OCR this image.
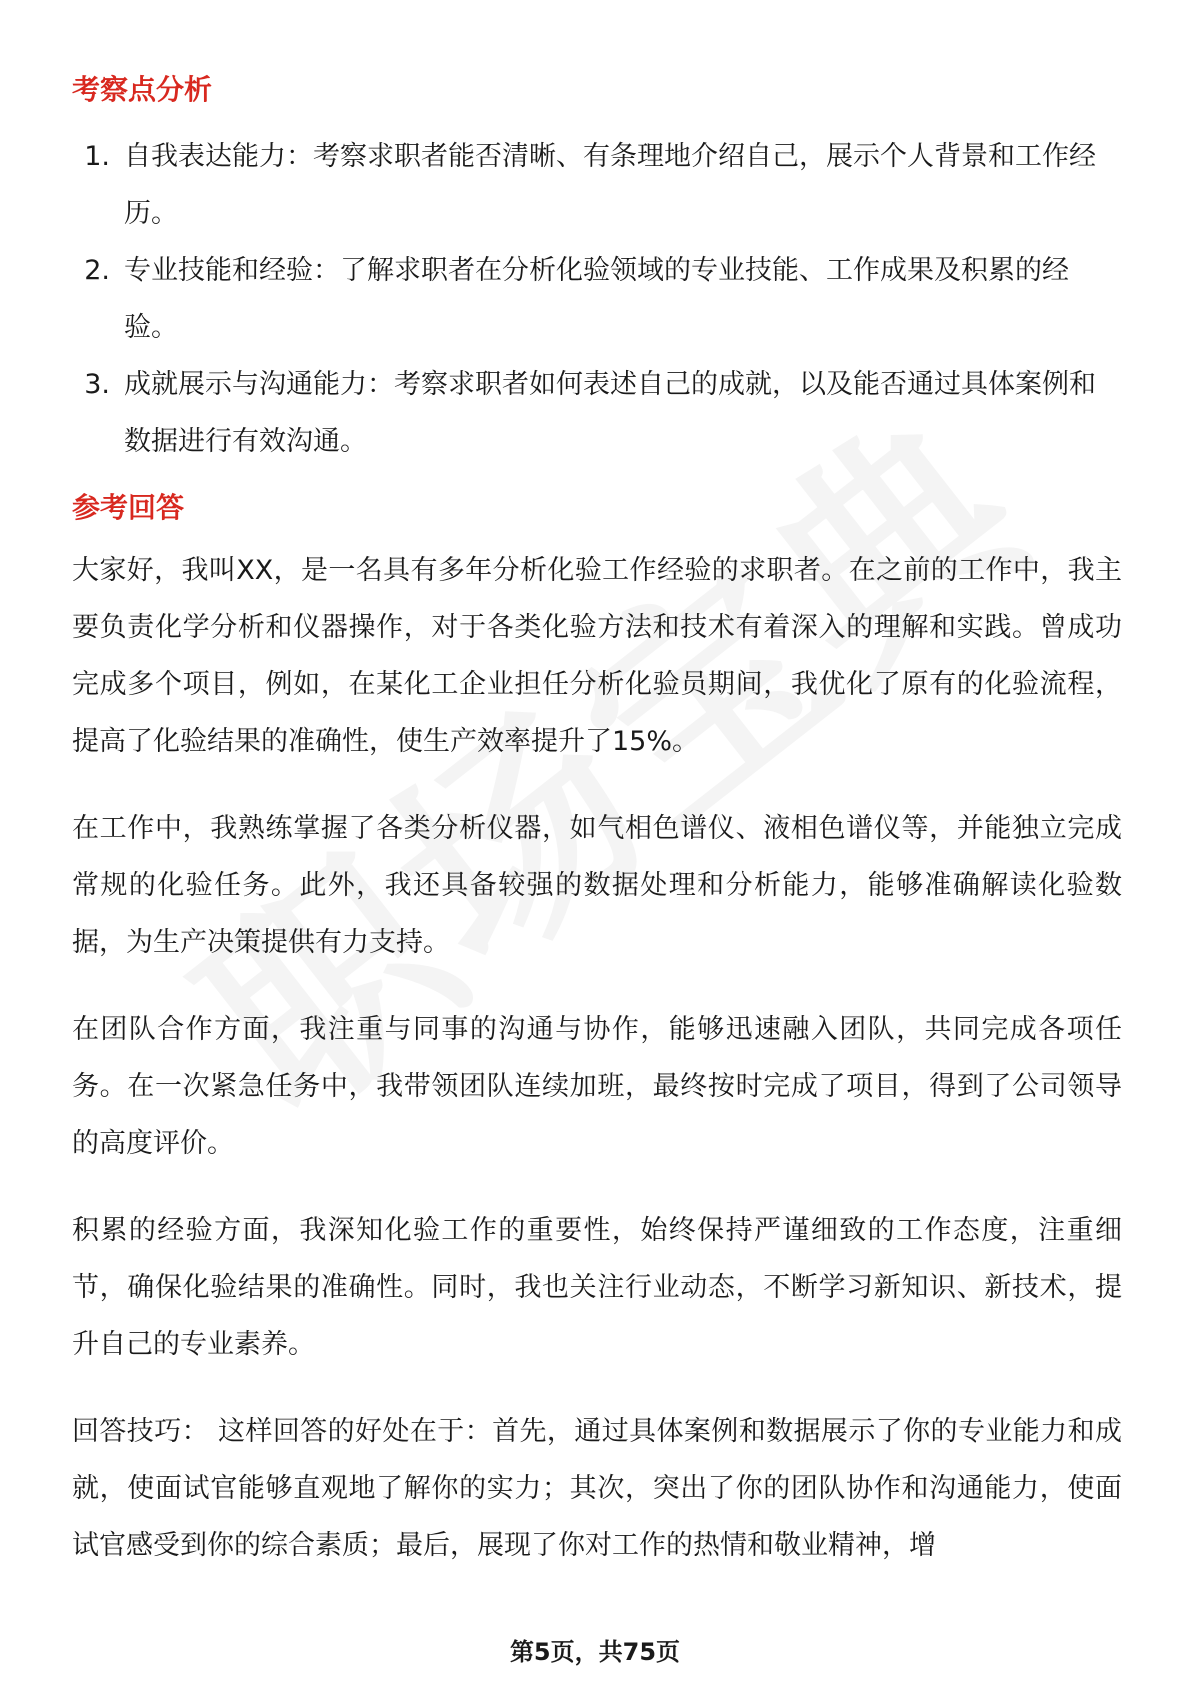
考察点分析
1. 自我表达能力：考察求职者能否清晰、有条理地介绍自己，展示个人背景和工作经历。
2. 专业技能和经验：了解求职者在分析化验领域的专业技能、工作成果及积累的经验。
3. 成就展示与沟通能力：考察求职者如何表述自己的成就，以及能否通过具体案例和数据进行有效沟通。
参考回答

大家好，我叫XX，是一名具有多年分析化验工作经验的求职者。在之前的工作中，我主要负责化学分析和仪器操作，对于各类化验方法和技术有着深入的理解和实践。曾成功完成多个项目，例如，在某化工企业担任分析化验员期间，我优化了原有的化验流程，提高了化验结果的准确性，使生产效率提升了15%。

在工作中，我熟练掌握了各类分析仪器，如气相色谱仪、液相色谱仪等，并能独立完成常规的化验任务。此外，我还具备较强的数据处理和分析能力，能够准确解读化验数据，为生产决策提供有力支持。

在团队合作方面，我注重与同事的沟通与协作，能够迅速融入团队，共同完成各项任务。在一次紧急任务中，我带领团队连续加班，最终按时完成了项目，得到了公司领导的高度评价。

积累的经验方面，我深知化验工作的重要性，始终保持严谨细致的工作态度，注重细节，确保化验结果的准确性。同时，我也关注行业动态，不断学习新知识、新技术，提升自己的专业素养。

回答技巧： 这样回答的好处在于：首先，通过具体案例和数据展示了你的专业能力和成就，使面试官能够直观地了解你的实力；其次，突出了你的团队协作和沟通能力，使面试官感受到你的综合素质；最后，展现了你对工作的热情和敬业精神，增

第5页，共75页
